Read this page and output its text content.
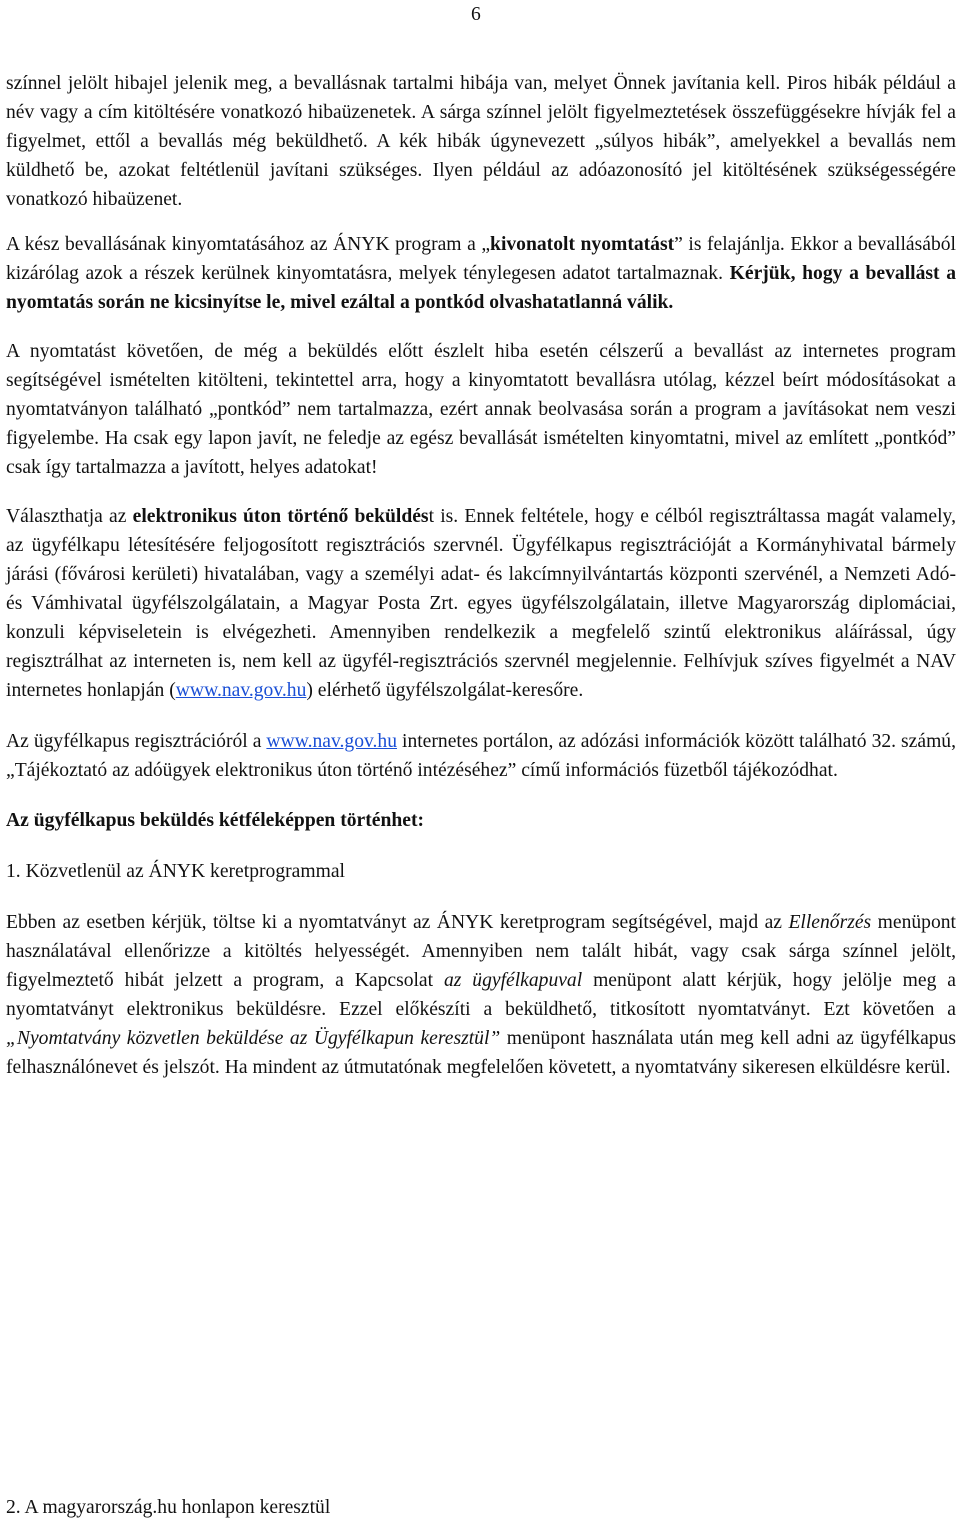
6

színnel jelölt hibajel jelenik meg, a bevallásnak tartalmi hibája van, melyet Önnek javítania kell. Piros hibák például a név vagy a cím kitöltésére vonatkozó hibaüzenetek. A sárga színnel jelölt figyelmeztetések összefüggésekre hívják fel a figyelmet, ettől a bevallás még beküldhető. A kék hibák úgynevezett „súlyos hibák”, amelyekkel a bevallás nem küldhető be, azokat feltétlenül javítani szükséges. Ilyen például az adóazonosító jel kitöltésének szükségességére vonatkozó hibaüzenet.

A kész bevallásának kinyomtatásához az ÁNYK program a „kivonatolt nyomtatást” is felajánlja. Ekkor a bevallásából kizárólag azok a részek kerülnek kinyomtatásra, melyek ténylegesen adatot tartalmaznak. Kérjük, hogy a bevallást a nyomtatás során ne kicsinyítse le, mivel ezáltal a pontkód olvashatatlanná válik.

A nyomtatást követően, de még a beküldés előtt észlelt hiba esetén célszerű a bevallást az internetes program segítségével ismételten kitölteni, tekintettel arra, hogy a kinyomtatott bevallásra utólag, kézzel beírt módosításokat a nyomtatványon található „pontkód” nem tartalmazza, ezért annak beolvasása során a program a javításokat nem veszi figyelembe. Ha csak egy lapon javít, ne feledje az egész bevallását ismételten kinyomtatni, mivel az említett „pontkód” csak így tartalmazza a javított, helyes adatokat!

Választhatja az elektronikus úton történő beküldést is. Ennek feltétele, hogy e célból regisztráltassa magát valamely, az ügyfélkapu létesítésére feljogosított regisztrációs szervnél. Ügyfélkapus regisztrációját a Kormányhivatal bármely járási (fővárosi kerületi) hivatalában, vagy a személyi adat- és lakcímnyilvántartás központi szervénél, a Nemzeti Adó- és Vámhivatal ügyfélszolgálatain, a Magyar Posta Zrt. egyes ügyfélszolgálatain, illetve Magyarország diplomáciai, konzuli képviseletein is elvégezheti. Amennyiben rendelkezik a megfelelő szintű elektronikus aláírással, úgy regisztrálhat az interneten is, nem kell az ügyfél-regisztrációs szervnél megjelennie. Felhívjuk szíves figyelmét a NAV internetes honlapján (www.nav.gov.hu) elérhető ügyfélszolgálat-keresőre.

Az ügyfélkapus regisztrációról a www.nav.gov.hu internetes portálon, az adózási információk között található 32. számú, „Tájékoztató az adóügyek elektronikus úton történő intézéséhez” című információs füzetből tájékozódhat.

Az ügyfélkapus beküldés kétféleképpen történhet:

1. Közvetlenül az ÁNYK keretprogrammal

Ebben az esetben kérjük, töltse ki a nyomtatványt az ÁNYK keretprogram segítségével, majd az Ellenőrzés menüpont használatával ellenőrizze a kitöltés helyességét. Amennyiben nem talált hibát, vagy csak sárga színnel jelölt, figyelmeztető hibát jelzett a program, a Kapcsolat az ügyfélkapuval menüpont alatt kérjük, hogy jelölje meg a nyomtatványt elektronikus beküldésre. Ezzel előkészíti a beküldhető, titkosított nyomtatványt. Ezt követően a „Nyomtatvány közvetlen beküldése az Ügyfélkapun keresztül” menüpont használata után meg kell adni az ügyfélkapus felhasználónevet és jelszót. Ha mindent az útmutatónak megfelelően követett, a nyomtatvány sikeresen elküldésre kerül.

2. A magyarország.hu honlapon keresztül
